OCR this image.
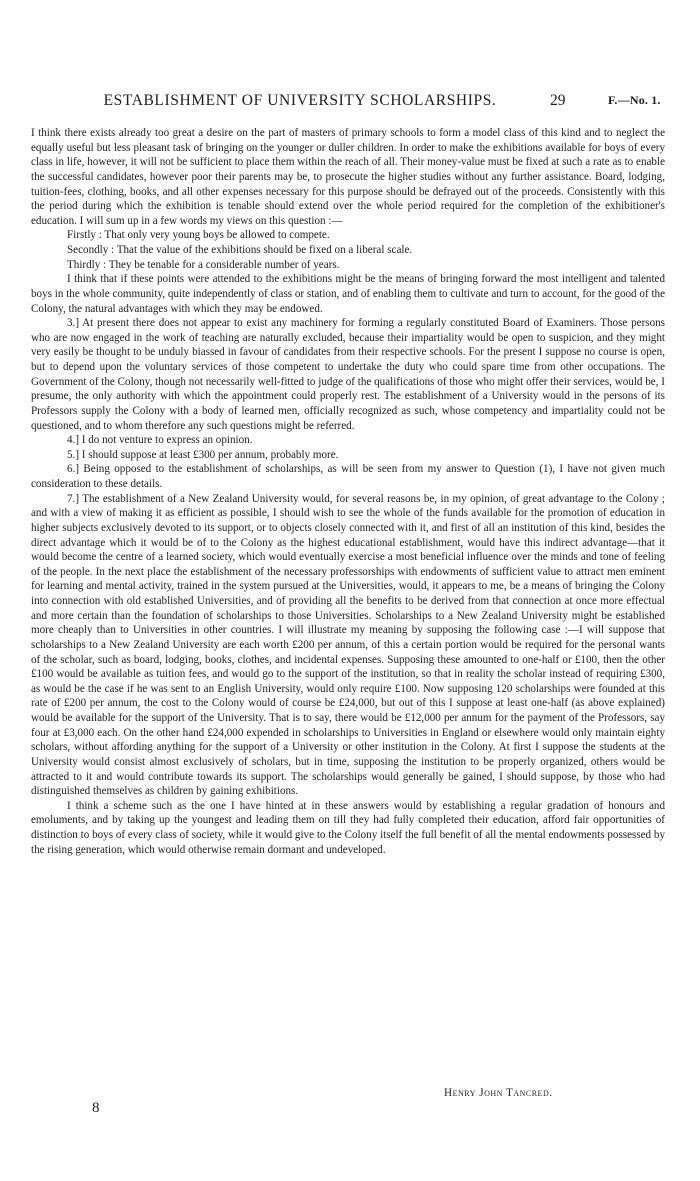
ESTABLISHMENT OF UNIVERSITY SCHOLARSHIPS.	29	F.—No. 1.

I think there exists already too great a desire on the part of masters of primary schools to form a model class of this kind and to neglect the equally useful but less pleasant task of bringing on the younger or duller children. In order to make the exhibitions available for boys of every class in life, however, it will not be sufficient to place them within the reach of all. Their money-value must be fixed at such a rate as to enable the successful candidates, however poor their parents may be, to prosecute the higher studies without any further assistance. Board, lodging, tuition-fees, clothing, books, and all other expenses necessary for this purpose should be defrayed out of the proceeds. Consistently with this the period during which the exhibition is tenable should extend over the whole period required for the completion of the exhibitioner's education. I will sum up in a few words my views on this question :—

Firstly : That only very young boys be allowed to compete.

Secondly : That the value of the exhibitions should be fixed on a liberal scale.

Thirdly : They be tenable for a considerable number of years.

I think that if these points were attended to the exhibitions might be the means of bringing forward the most intelligent and talented boys in the whole community, quite independently of class or station, and of enabling them to cultivate and turn to account, for the good of the Colony, the natural advantages with which they may be endowed.

3.] At present there does not appear to exist any machinery for forming a regularly constituted Board of Examiners. Those persons who are now engaged in the work of teaching are naturally excluded, because their impartiality would be open to suspicion, and they might very easily be thought to be unduly biassed in favour of candidates from their respective schools. For the present I suppose no course is open, but to depend upon the voluntary services of those competent to undertake the duty who could spare time from other occupations. The Government of the Colony, though not necessarily well-fitted to judge of the qualifications of those who might offer their services, would be, I presume, the only authority with which the appointment could properly rest. The establishment of a University would in the persons of its Professors supply the Colony with a body of learned men, officially recognized as such, whose competency and impartiality could not be questioned, and to whom therefore any such questions might be referred.

4.] I do not venture to express an opinion.

5.] I should suppose at least £300 per annum, probably more.

6.] Being opposed to the establishment of scholarships, as will be seen from my answer to Question (1), I have not given much consideration to these details.

7.] The establishment of a New Zealand University would, for several reasons be, in my opinion, of great advantage to the Colony ; and with a view of making it as efficient as possible, I should wish to see the whole of the funds available for the promotion of education in higher subjects exclusively devoted to its support, or to objects closely connected with it, and first of all an institution of this kind, besides the direct advantage which it would be of to the Colony as the highest educational establishment, would have this indirect advantage—that it would become the centre of a learned society, which would eventually exercise a most beneficial influence over the minds and tone of feeling of the people. In the next place the establishment of the necessary professorships with endowments of sufficient value to attract men eminent for learning and mental activity, trained in the system pursued at the Universities, would, it appears to me, be a means of bringing the Colony into connection with old established Universities, and of providing all the benefits to be derived from that connection at once more effectual and more certain than the foundation of scholarships to those Universities. Scholarships to a New Zealand University might be established more cheaply than to Universities in other countries. I will illustrate my meaning by supposing the following case :—I will suppose that scholarships to a New Zealand University are each worth £200 per annum, of this a certain portion would be required for the personal wants of the scholar, such as board, lodging, books, clothes, and incidental expenses. Supposing these amounted to one-half or £100, then the other £100 would be available as tuition fees, and would go to the support of the institution, so that in reality the scholar instead of requiring £300, as would be the case if he was sent to an English University, would only require £100. Now supposing 120 scholarships were founded at this rate of £200 per annum, the cost to the Colony would of course be £24,000, but out of this I suppose at least one-half (as above explained) would be available for the support of the University. That is to say, there would be £12,000 per annum for the payment of the Professors, say four at £3,000 each. On the other hand £24,000 expended in scholarships to Universities in England or elsewhere would only maintain eighty scholars, without affording anything for the support of a University or other institution in the Colony. At first I suppose the students at the University would consist almost exclusively of scholars, but in time, supposing the institution to be properly organized, others would be attracted to it and would contribute towards its support. The scholarships would generally be gained, I should suppose, by those who had distinguished themselves as children by gaining exhibitions.

I think a scheme such as the one I have hinted at in these answers would by establishing a regular gradation of honours and emoluments, and by taking up the youngest and leading them on till they had fully completed their education, afford fair opportunities of distinction to boys of every class of society, while it would give to the Colony itself the full benefit of all the mental endowments possessed by the rising generation, which would otherwise remain dormant and undeveloped.

Henry John Tancred.
8
